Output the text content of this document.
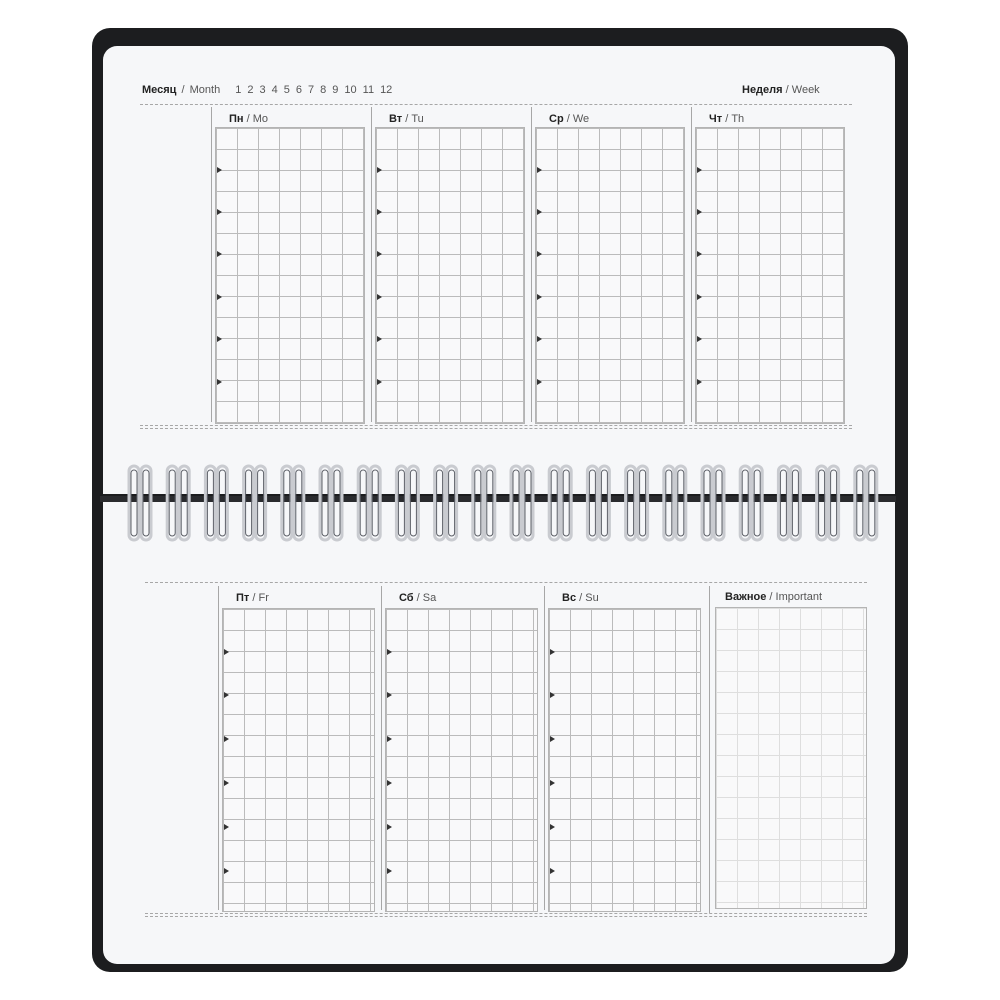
Месяц / Month 1 2 3 4 5 6 7 8 9 10 11 12	Неделя / Week
Пн / Mo	Вт / Tu	Ср / We	Чт / Th
Пт / Fr	Сб / Sa	Вс / Su	Важное / Important
